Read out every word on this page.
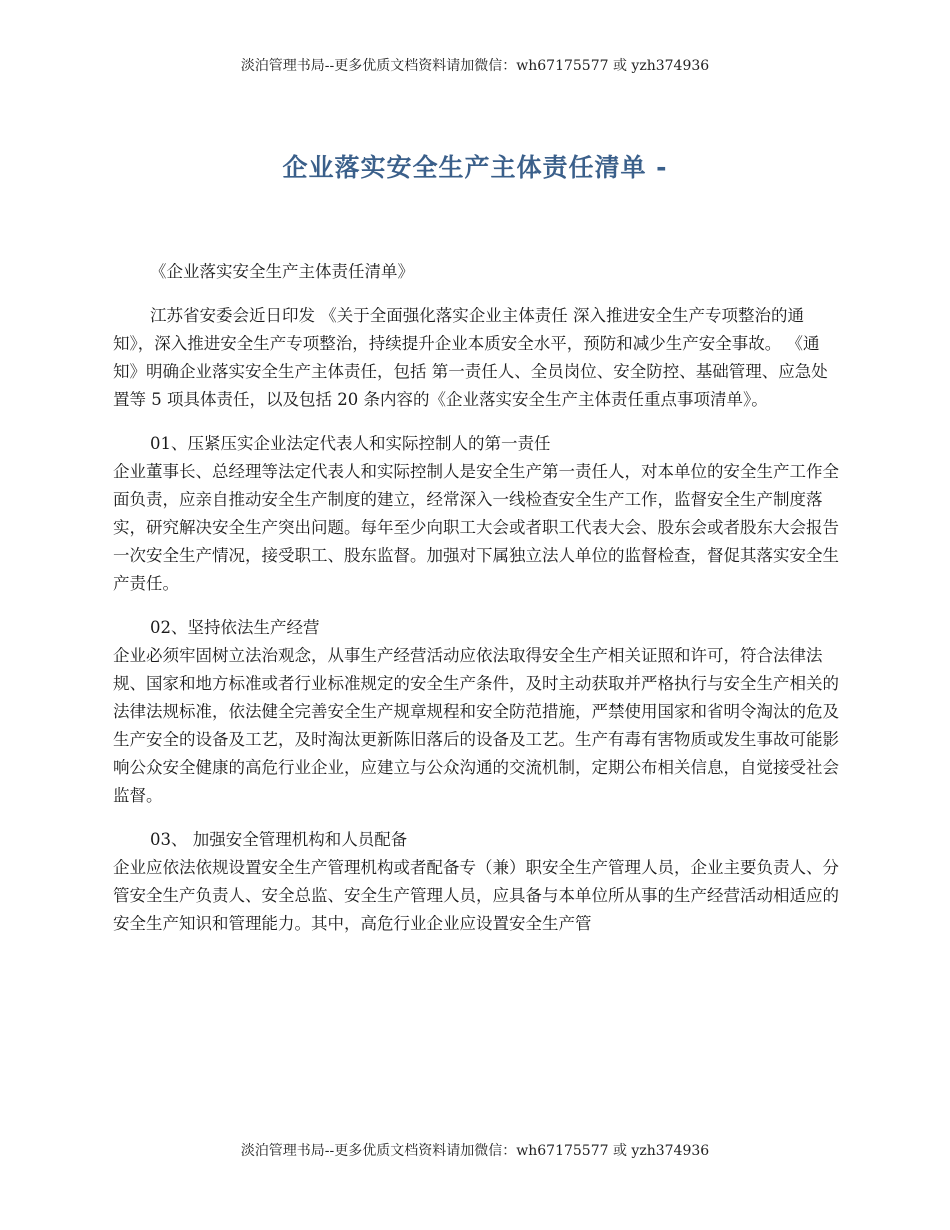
淡泊管理书局--更多优质文档资料请加微信：wh67175577 或 yzh374936
企业落实安全生产主体责任清单 -

《企业落实安全生产主体责任清单》

江苏省安委会近日印发 《关于全面强化落实企业主体责任 深入推进安全生产专项整治的通知》，深入推进安全生产专项整治，持续提升企业本质安全水平，预防和减少生产安全事故。 《通知》明确企业落实安全生产主体责任，包括 第一责任人、全员岗位、安全防控、基础管理、应急处置等 5 项具体责任，以及包括 20 条内容的《企业落实安全生产主体责任重点事项清单》。

01、压紧压实企业法定代表人和实际控制人的第一责任

企业董事长、总经理等法定代表人和实际控制人是安全生产第一责任人，对本单位的安全生产工作全面负责，应亲自推动安全生产制度的建立，经常深入一线检查安全生产工作，监督安全生产制度落实，研究解决安全生产突出问题。每年至少向职工大会或者职工代表大会、股东会或者股东大会报告一次安全生产情况，接受职工、股东监督。加强对下属独立法人单位的监督检查，督促其落实安全生产责任。

02、坚持依法生产经营

企业必须牢固树立法治观念，从事生产经营活动应依法取得安全生产相关证照和许可，符合法律法规、国家和地方标准或者行业标准规定的安全生产条件，及时主动获取并严格执行与安全生产相关的法律法规标准，依法健全完善安全生产规章规程和安全防范措施，严禁使用国家和省明令淘汰的危及生产安全的设备及工艺，及时淘汰更新陈旧落后的设备及工艺。生产有毒有害物质或发生事故可能影响公众安全健康的高危行业企业，应建立与公众沟通的交流机制，定期公布相关信息，自觉接受社会监督。

03、 加强安全管理机构和人员配备

企业应依法依规设置安全生产管理机构或者配备专（兼）职安全生产管理人员，企业主要负责人、分管安全生产负责人、安全总监、安全生产管理人员，应具备与本单位所从事的生产经营活动相适应的安全生产知识和管理能力。其中，高危行业企业应设置安全生产管

淡泊管理书局--更多优质文档资料请加微信：wh67175577 或 yzh374936
